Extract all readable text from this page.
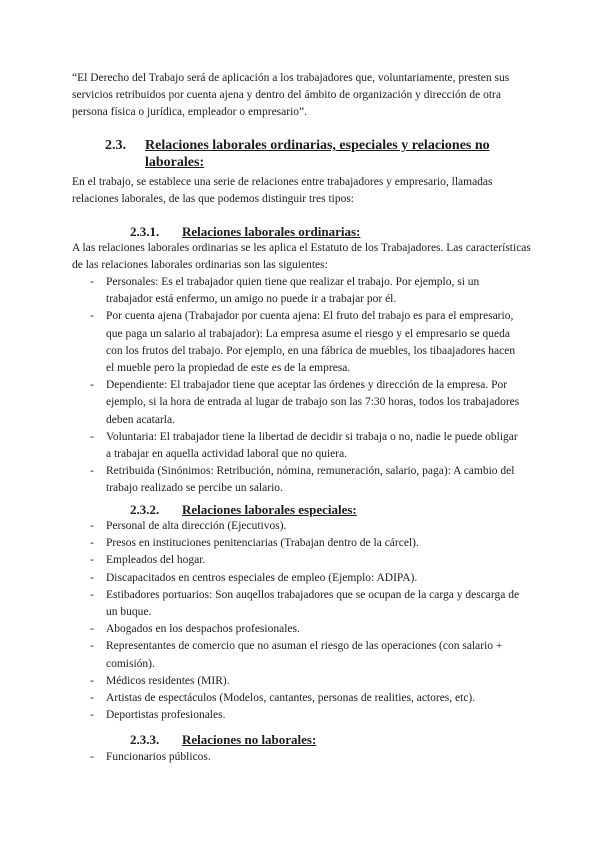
“El Derecho del Trabajo será de aplicación a los trabajadores que, voluntariamente, presten sus servicios retribuidos por cuenta ajena y dentro del ámbito de organización y dirección de otra persona física o jurídica, empleador o empresario”.

2.3. Relaciones laborales ordinarias, especiales y relaciones no laborales:

En el trabajo, se establece una serie de relaciones entre trabajadores y empresario, llamadas relaciones laborales, de las que podemos distinguir tres tipos:

2.3.1. Relaciones laborales ordinarias:

A las relaciones laborales ordinarias se les aplica el Estatuto de los Trabajadores. Las características de las relaciones laborales ordinarias son las siguientes:

- Personales: Es el trabajador quien tiene que realizar el trabajo. Por ejemplo, si un trabajador está enfermo, un amigo no puede ir a trabajar por él.
- Por cuenta ajena (Trabajador por cuenta ajena: El fruto del trabajo es para el empresario, que paga un salario al trabajador): La empresa asume el riesgo y el empresario se queda con los frutos del trabajo. Por ejemplo, en una fábrica de muebles, los tibaajadores hacen el mueble pero la propiedad de este es de la empresa.
- Dependiente: El trabajador tiene que aceptar las órdenes y dirección de la empresa. Por ejemplo, si la hora de entrada al lugar de trabajo son las 7:30 horas, todos los trabajadores deben acatarla.
- Voluntaria: El trabajador tiene la libertad de decidir si trabaja o no, nadie le puede obligar a trabajar en aquella actividad laboral que no quiera.
- Retribuida (Sinónimos: Retribución, nómina, remuneración, salario, paga): A cambio del trabajo realizado se percibe un salario.
2.3.2. Relaciones laborales especiales:
- Personal de alta dirección (Ejecutivos).
- Presos en instituciones penitenciarias (Trabajan dentro de la cárcel).
- Empleados del hogar.
- Discapacitados en centros especiales de empleo (Ejemplo: ADIPA).
- Estibadores portuarios: Son auqellos trabajadores que se ocupan de la carga y descarga de un buque.
- Abogados en los despachos profesionales.
- Representantes de comercio que no asuman el riesgo de las operaciones (con salario + comisión).
- Médicos residentes (MIR).
- Artistas de espectáculos (Modelos, cantantes, personas de realities, actores, etc).
- Deportistas profesionales.
2.3.3. Relaciones no laborales:
- Funcionarios públicos.
